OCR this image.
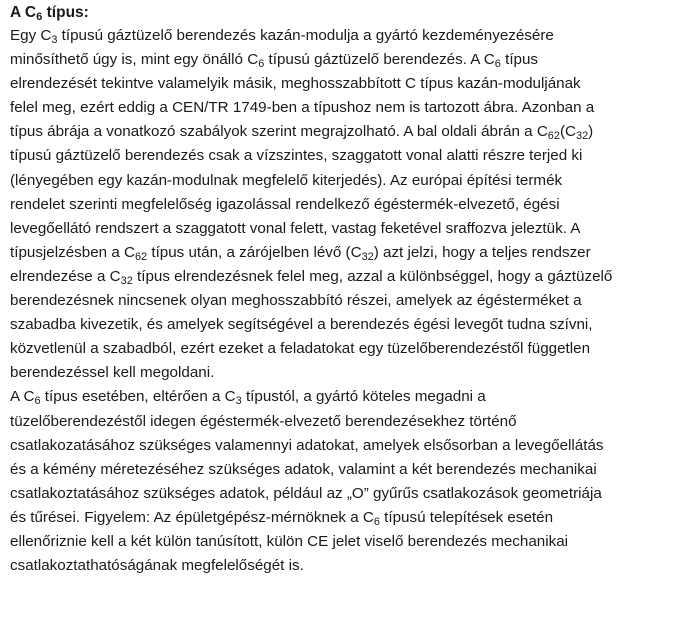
A $C_6$ típus:
Egy $C_3$ típusú gáztüzelő berendezés kazán-modulja a gyártó kezdeményezésére
minősíthető úgy is, mint egy önálló $C_6$ típusú gáztüzelő berendezés. A $C_6$ típus
elrendezését tekintve valamelyik másik, meghosszabbított C típus kazán-moduljának
felel meg, ezért eddig a CEN/TR 1749-ben a típushoz nem is tartozott ábra. Azonban a
típus ábrája a vonatkozó szabályok szerint megrajzolható. A bal oldali ábrán a $C_{62}(C_{32})$
típusú gáztüzelő berendezés csak a vízszintes, szaggatott vonal alatti részre terjed ki
(lényegében egy kazán-modulnak megfelelő kiterjedés). Az európai építési termék
rendelet szerinti megfelelőség igazolással rendelkező égéstermék-elvezető, égési
levegőellátó rendszert a szaggatott vonal felett, vastag feketével sraffozva jeleztük. A
típusjelzésben a $C_{62}$ típus után, a zárójelben lévő $(C_{32})$ azt jelzi, hogy a teljes rendszer
elrendezése a $C_{32}$ típus elrendezésnek felel meg, azzal a különbséggel, hogy a gáztüzelő
berendezésnek nincsenek olyan meghosszabbító részei, amelyek az égésterméket a
szabadba kivezetik, és amelyek segítségével a berendezés égési levegőt tudna szívni,
közvetlenül a szabadból, ezért ezeket a feladatokat egy tüzelőberendezéstől független
berendezéssel kell megoldani.
A $C_6$ típus esetében, eltérően a $C_3$ típustól, a gyártó köteles megadni a
tüzelőberendezéstől idegen égéstermék-elvezető berendezésekhez történő
csatlakozatásához szükséges valamennyi adatokat, amelyek elsősorban a levegőellátás
és a kémény méretezéséhez szükséges adatok, valamint a két berendezés mechanikai
csatlakoztatásához szükséges adatok, például az „O” gyűrűs csatlakozások geometriája
és tűrései. Figyelem: Az épületgépész-mérnöknek a $C_6$ típusú telepítések esetén
ellenőriznie kell a két külön tanúsított, külön CE jelet viselő berendezés mechanikai
csatlakoztathatóságának megfelelőségét is.
